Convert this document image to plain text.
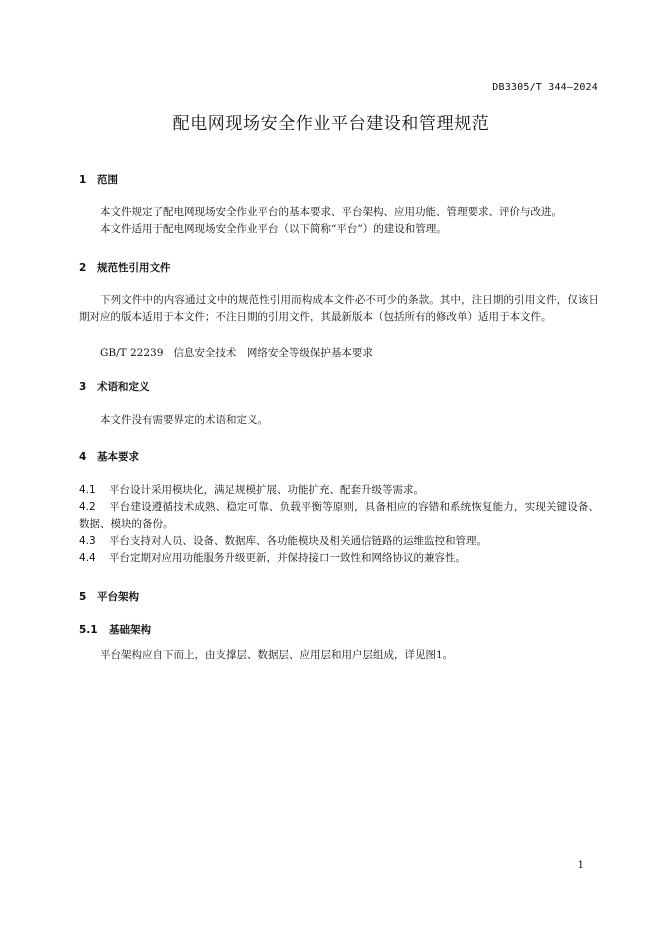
DB3305/T 344—2024
配电网现场安全作业平台建设和管理规范
1 范围
本文件规定了配电网现场安全作业平台的基本要求、平台架构、应用功能、管理要求、评价与改进。
本文件适用于配电网现场安全作业平台（以下简称“平台”）的建设和管理。
2 规范性引用文件
下列文件中的内容通过文中的规范性引用而构成本文件必不可少的条款。其中，注日期的引用文件，仅该日期对应的版本适用于本文件；不注日期的引用文件，其最新版本（包括所有的修改单）适用于本文件。
GB/T 22239 信息安全技术　网络安全等级保护基本要求
3 术语和定义
本文件没有需要界定的术语和定义。
4 基本要求
4.1 平台设计采用模块化，满足规模扩展、功能扩充、配套升级等需求。
4.2 平台建设遵循技术成熟、稳定可靠、负载平衡等原则，具备相应的容错和系统恢复能力，实现关键设备、数据、模块的备份。
4.3 平台支持对人员、设备、数据库、各功能模块及相关通信链路的运维监控和管理。
4.4 平台定期对应用功能服务升级更新，并保持接口一致性和网络协议的兼容性。
5 平台架构
5.1 基础架构
平台架构应自下而上，由支撑层、数据层、应用层和用户层组成，详见图1。
1
